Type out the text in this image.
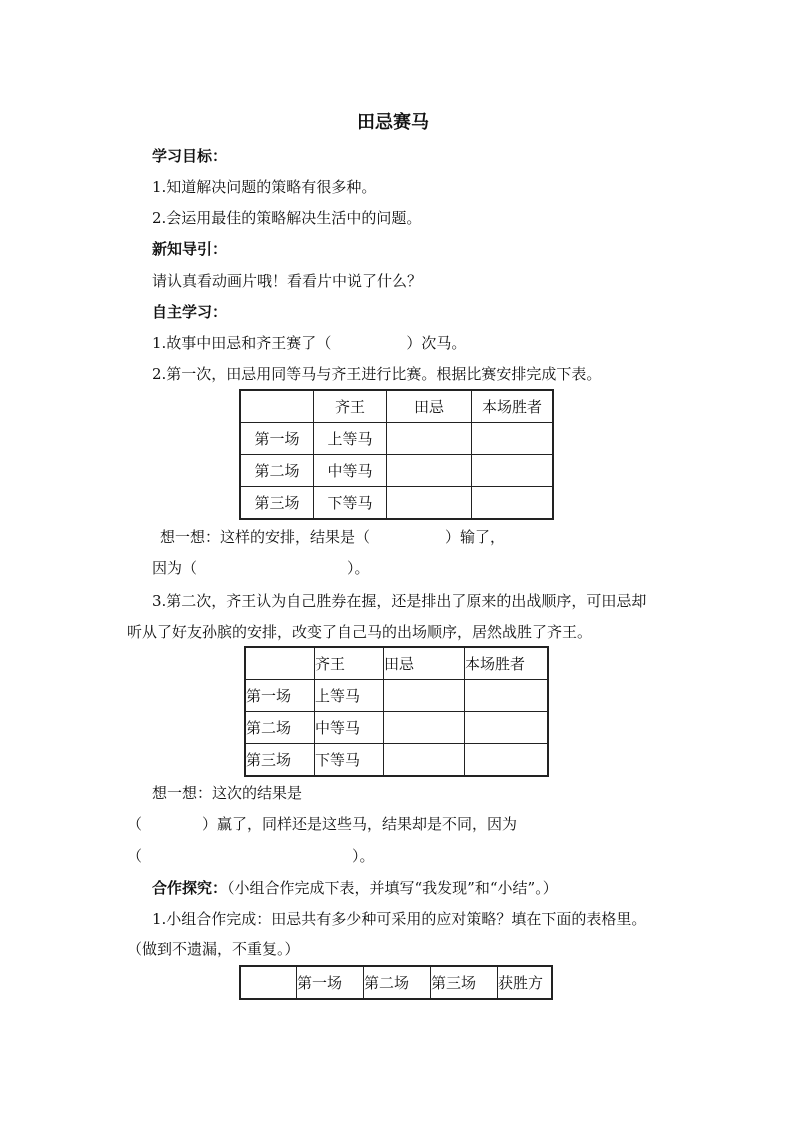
田忌赛马
学习目标：
1.知道解决问题的策略有很多种。
2.会运用最佳的策略解决生活中的问题。
新知导引：
请认真看动画片哦！看看片中说了什么？
自主学习：
1.故事中田忌和齐王赛了（　　　　　）次马。
2.第一次，田忌用同等马与齐王进行比赛。根据比赛安排完成下表。
	齐王	田忌	本场胜者
第一场	上等马		
第二场	中等马		
第三场	下等马		
想一想：这样的安排，结果是（　　　　　）输了，
因为（　　　　　　　　　　）。
3.第二次，齐王认为自己胜券在握，还是排出了原来的出战顺序，可田忌却
听从了好友孙膑的安排，改变了自己马的出场顺序，居然战胜了齐王。
	齐王	田忌	本场胜者
第一场	上等马		
第二场	中等马		
第三场	下等马		
想一想：这次的结果是
（　　　　）赢了，同样还是这些马，结果却是不同，因为
（　　　　　　　　　　　　　　）。
合作探究：（小组合作完成下表，并填写“我发现”和“小结”。）
1.小组合作完成：田忌共有多少种可采用的应对策略？填在下面的表格里。
（做到不遗漏，不重复。）
	第一场	第二场	第三场	获胜方
